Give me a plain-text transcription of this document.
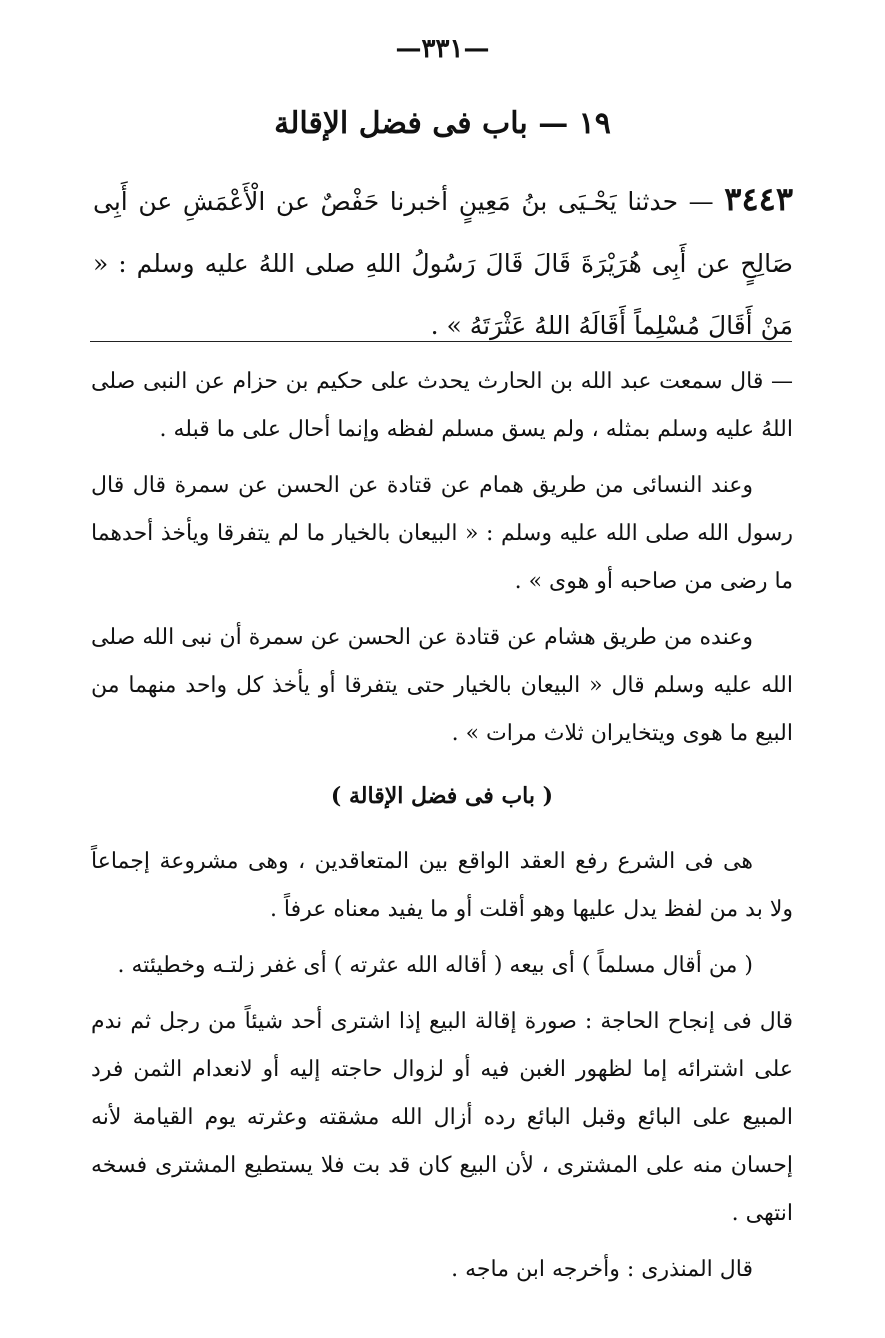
—٣٣١—
١٩ — باب فى فضل الإقالة
٣٤٤٣ — حدثنا يَحْـيَى بنُ مَعِينٍ أخبرنا حَفْصٌ عن الْأَعْمَشِ عن أَبِى صَالِحٍ عن أَبِى هُرَيْرَةَ قَالَ قَالَ رَسُولُ اللهِ صلى اللهُ عليه وسلم : « مَنْ أَقَالَ مُسْلِماً أَقَالَهُ اللهُ عَثْرَتَهُ » .

— قال سمعت عبد الله بن الحارث يحدث على حكيم بن حزام عن النبى صلى اللهُ عليه وسلم بمثله ، ولم يسق مسلم لفظه وإنما أحال على ما قبله .

وعند النسائى من طريق همام عن قتادة عن الحسن عن سمرة قال قال رسول الله صلى الله عليه وسلم : « البيعان بالخيار ما لم يتفرقا ويأخذ أحدهما ما رضى من صاحبه أو هوى » .

وعنده من طريق هشام عن قتادة عن الحسن عن سمرة أن نبى الله صلى الله عليه وسلم قال « البيعان بالخيار حتى يتفرقا أو يأخذ كل واحد منهما من البيع ما هوى ويتخايران ثلاث مرات » .

( باب فى فضل الإقالة )

هى فى الشرع رفع العقد الواقع بين المتعاقدين ، وهى مشروعة إجماعاً ولا بد من لفظ يدل عليها وهو أقلت أو ما يفيد معناه عرفاً .

( من أقال مسلماً ) أى بيعه ( أقاله الله عثرته ) أى غفر زلتـه وخطيئته .

قال فى إنجاح الحاجة : صورة إقالة البيع إذا اشترى أحد شيئاً من رجل ثم ندم على اشترائه إما لظهور الغبن فيه أو لزوال حاجته إليه أو لانعدام الثمن فرد المبيع على البائع وقبل البائع رده أزال الله مشقته وعثرته يوم القيامة لأنه إحسان منه على المشترى ، لأن البيع كان قد بت فلا يستطيع المشترى فسخه انتهى .

قال المنذرى : وأخرجه ابن ماجه .
